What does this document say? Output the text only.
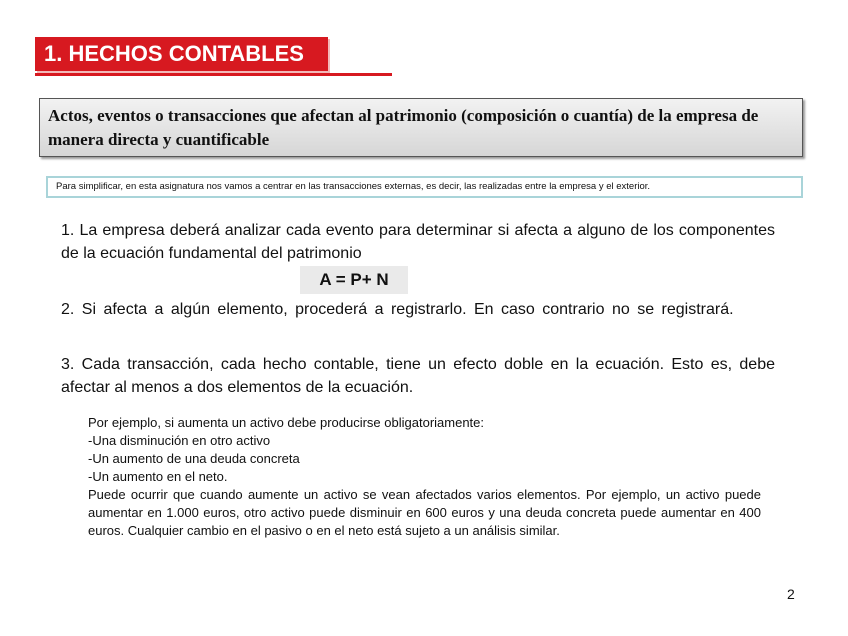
1. HECHOS CONTABLES
Actos, eventos o transacciones que afectan al patrimonio (composición o cuantía) de la empresa de manera directa y cuantificable
Para simplificar, en esta asignatura nos vamos a centrar en las transacciones externas, es decir, las realizadas entre la empresa y el exterior.
1. La empresa deberá analizar cada evento para determinar si afecta a alguno de los componentes de la ecuación fundamental del patrimonio
A = P+ N
2. Si afecta a algún elemento, procederá a registrarlo. En caso contrario no se registrará.
3. Cada transacción, cada hecho contable, tiene un efecto doble en la ecuación. Esto es, debe afectar al menos a dos elementos de la ecuación.
Por ejemplo, si aumenta un activo debe producirse obligatoriamente:
-Una disminución en otro activo
-Un aumento de una deuda concreta
-Un aumento en el neto.
Puede ocurrir que cuando aumente un activo se vean afectados varios elementos. Por ejemplo, un activo puede aumentar en 1.000 euros, otro activo puede disminuir en 600 euros y una deuda concreta puede aumentar en 400 euros. Cualquier cambio en el pasivo o en el neto está sujeto a un análisis similar.
2
